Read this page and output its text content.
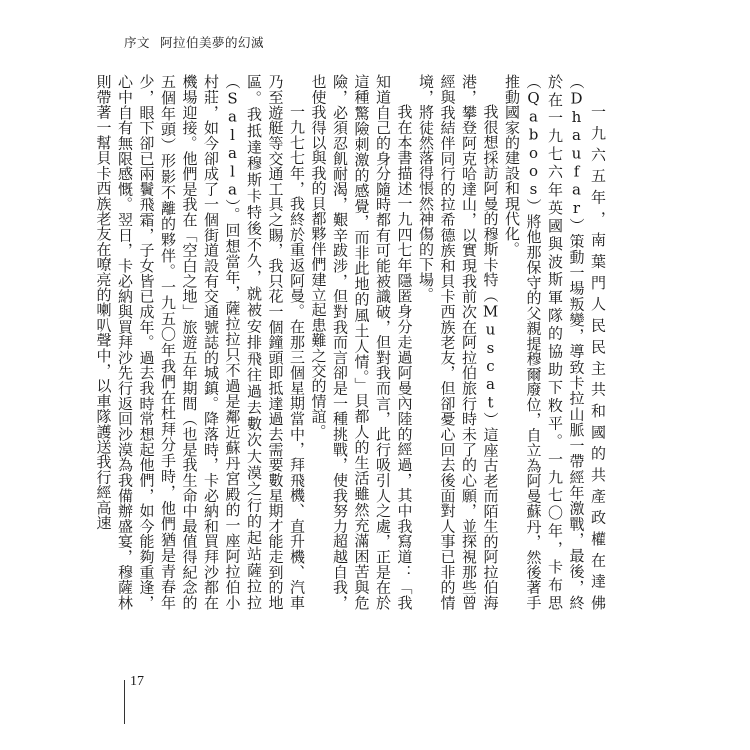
序文 阿拉伯美夢的幻滅

一九六五年，南葉門人民民主共和國的共產政權在達佛（Dhaufar）策動一場叛變，導致卡拉山脈一帶經年激戰，最後，終於在一九七六年英國與波斯軍隊的協助下敉平。一九七〇年，卡布思（Qaboos）將他那保守的父親提穆爾廢位，自立為阿曼蘇丹，然後著手推動國家的建設和現代化。

我很想採訪阿曼的穆斯卡特（Muscat）這座古老而陌生的阿拉伯海港，攀登阿克哈達山，以實現我前次在阿拉伯旅行時未了的心願，並探視那些曾經與我結伴同行的拉希德族和貝卡西族老友，但卻憂心回去後面對人事已非的情境，將徒然落得悵然神傷的下場。

我在本書描述一九四七年隱匿身分走過阿曼內陸的經過，其中我寫道：「我知道自己的身分隨時都有可能被識破，但對我而言，此行吸引人之處，正是在於這種驚險刺激的感覺，而非此地的風土人情。」貝都人的生活雖然充滿困苦與危險，必須忍飢耐渴，艱辛跋涉，但對我而言卻是一種挑戰，使我努力超越自我，也使我得以與我的貝都夥伴們建立起患難之交的情誼。

一九七七年，我終於重返阿曼。在那三個星期當中，拜飛機、直升機、汽車乃至遊艇等交通工具之賜，我只花一個鐘頭即抵達過去需要數星期才能走到的地區。我抵達穆斯卡特後不久，就被安排飛往過去數次大漠之行的起站薩拉拉（Salala）。回想當年，薩拉拉只不過是鄰近蘇丹宮殿的一座阿拉伯小村莊，如今卻成了一個街道設有交通號誌的城鎮。降落時，卡必納和買拜沙都在機場迎接。他們是我在「空白之地」旅遊五年期間（也是我生命中最值得紀念的五個年頭）形影不離的夥伴。一九五〇年我們在杜拜分手時，他們猶是青春年少，眼下卻已兩鬢飛霜，子女皆已成年。過去我時常想起他們，如今能夠重逢，心中自有無限感慨。翌日，卡必納與買拜沙先行返回沙漠為我備辦盛宴，穆薩林則帶著一幫貝卡西族老友在嘹亮的喇叭聲中，以車隊護送我行經高速

17
